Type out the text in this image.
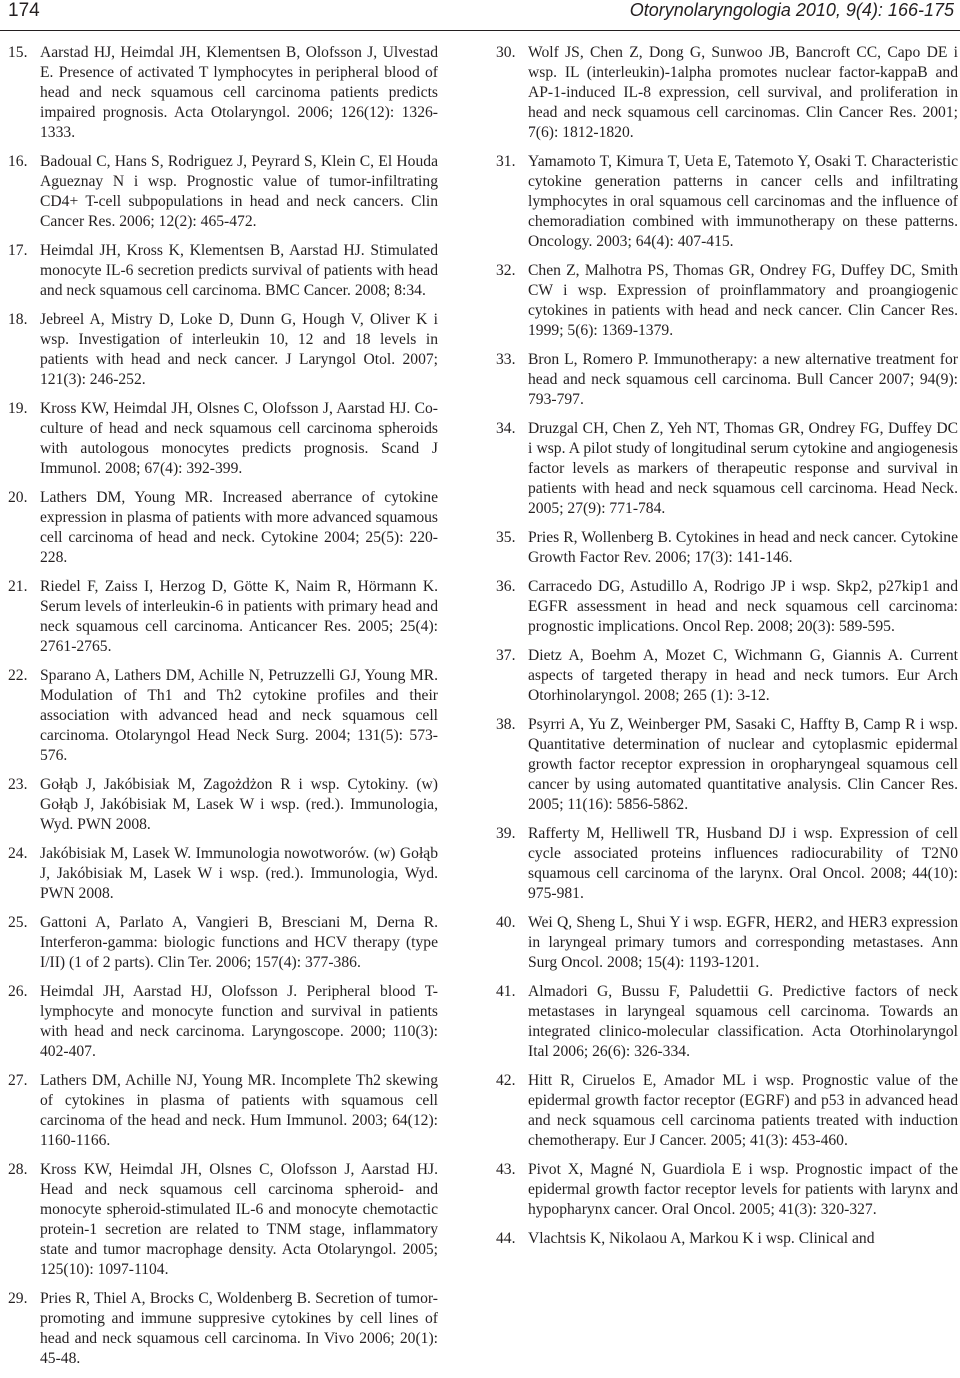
174	Otorynolaryngologia 2010, 9(4): 166-175
15. Aarstad HJ, Heimdal JH, Klementsen B, Olofsson J, Ulvestad E. Presence of activated T lymphocytes in peripheral blood of head and neck squamous cell carcinoma patients predicts impaired prognosis. Acta Otolaryngol. 2006; 126(12): 1326-1333.
16. Badoual C, Hans S, Rodriguez J, Peyrard S, Klein C, El Houda Agueznay N i wsp. Prognostic value of tumor-infiltrating CD4+ T-cell subpopulations in head and neck cancers. Clin Cancer Res. 2006; 12(2): 465-472.
17. Heimdal JH, Kross K, Klementsen B, Aarstad HJ. Stimulated monocyte IL-6 secretion predicts survival of patients with head and neck squamous cell carcinoma. BMC Cancer. 2008; 8:34.
18. Jebreel A, Mistry D, Loke D, Dunn G, Hough V, Oliver K i wsp. Investigation of interleukin 10, 12 and 18 levels in patients with head and neck cancer. J Laryngol Otol. 2007; 121(3): 246-252.
19. Kross KW, Heimdal JH, Olsnes C, Olofsson J, Aarstad HJ. Co-culture of head and neck squamous cell carcinoma spheroids with autologous monocytes predicts prognosis. Scand J Immunol. 2008; 67(4): 392-399.
20. Lathers DM, Young MR. Increased aberrance of cytokine expression in plasma of patients with more advanced squamous cell carcinoma of head and neck. Cytokine 2004; 25(5): 220-228.
21. Riedel F, Zaiss I, Herzog D, Götte K, Naim R, Hörmann K. Serum levels of interleukin-6 in patients with primary head and neck squamous cell carcinoma. Anticancer Res. 2005; 25(4): 2761-2765.
22. Sparano A, Lathers DM, Achille N, Petruzzelli GJ, Young MR. Modulation of Th1 and Th2 cytokine profiles and their association with advanced head and neck squamous cell carcinoma. Otolaryngol Head Neck Surg. 2004; 131(5): 573-576.
23. Gołąb J, Jakóbisiak M, Zagożdżon R i wsp. Cytokiny. (w) Gołąb J, Jakóbisiak M, Lasek W i wsp. (red.). Immunologia, Wyd. PWN 2008.
24. Jakóbisiak M, Lasek W. Immunologia nowotworów. (w) Gołąb J, Jakóbisiak M, Lasek W i wsp. (red.). Immunologia, Wyd. PWN 2008.
25. Gattoni A, Parlato A, Vangieri B, Bresciani M, Derna R. Interferon-gamma: biologic functions and HCV therapy (type I/II) (1 of 2 parts). Clin Ter. 2006; 157(4): 377-386.
26. Heimdal JH, Aarstad HJ, Olofsson J. Peripheral blood T-lymphocyte and monocyte function and survival in patients with head and neck carcinoma. Laryngoscope. 2000; 110(3): 402-407.
27. Lathers DM, Achille NJ, Young MR. Incomplete Th2 skewing of cytokines in plasma of patients with squamous cell carcinoma of the head and neck. Hum Immunol. 2003; 64(12): 1160-1166.
28. Kross KW, Heimdal JH, Olsnes C, Olofsson J, Aarstad HJ. Head and neck squamous cell carcinoma spheroid- and monocyte spheroid-stimulated IL-6 and monocyte chemotactic protein-1 secretion are related to TNM stage, inflammatory state and tumor macrophage density. Acta Otolaryngol. 2005; 125(10): 1097-1104.
29. Pries R, Thiel A, Brocks C, Woldenberg B. Secretion of tumor-promoting and immune suppresive cytokines by cell lines of head and neck squamous cell carcinoma. In Vivo 2006; 20(1): 45-48.
30. Wolf JS, Chen Z, Dong G, Sunwoo JB, Bancroft CC, Capo DE i wsp. IL (interleukin)-1alpha promotes nuclear factor-kappaB and AP-1-induced IL-8 expression, cell survival, and proliferation in head and neck squamous cell carcinomas. Clin Cancer Res. 2001; 7(6): 1812-1820.
31. Yamamoto T, Kimura T, Ueta E, Tatemoto Y, Osaki T. Characteristic cytokine generation patterns in cancer cells and infiltrating lymphocytes in oral squamous cell carcinomas and the influence of chemoradiation combined with immunotherapy on these patterns. Oncology. 2003; 64(4): 407-415.
32. Chen Z, Malhotra PS, Thomas GR, Ondrey FG, Duffey DC, Smith CW i wsp. Expression of proinflammatory and proangiogenic cytokines in patients with head and neck cancer. Clin Cancer Res. 1999; 5(6): 1369-1379.
33. Bron L, Romero P. Immunotherapy: a new alternative treatment for head and neck squamous cell carcinoma. Bull Cancer 2007; 94(9): 793-797.
34. Druzgal CH, Chen Z, Yeh NT, Thomas GR, Ondrey FG, Duffey DC i wsp. A pilot study of longitudinal serum cytokine and angiogenesis factor levels as markers of therapeutic response and survival in patients with head and neck squamous cell carcinoma. Head Neck. 2005; 27(9): 771-784.
35. Pries R, Wollenberg B. Cytokines in head and neck cancer. Cytokine Growth Factor Rev. 2006; 17(3): 141-146.
36. Carracedo DG, Astudillo A, Rodrigo JP i wsp. Skp2, p27kip1 and EGFR assessment in head and neck squamous cell carcinoma: prognostic implications. Oncol Rep. 2008; 20(3): 589-595.
37. Dietz A, Boehm A, Mozet C, Wichmann G, Giannis A. Current aspects of targeted therapy in head and neck tumors. Eur Arch Otorhinolaryngol. 2008; 265 (1): 3-12.
38. Psyrri A, Yu Z, Weinberger PM, Sasaki C, Haffty B, Camp R i wsp. Quantitative determination of nuclear and cytoplasmic epidermal growth factor receptor expression in oropharyngeal squamous cell cancer by using automated quantitative analysis. Clin Cancer Res. 2005; 11(16): 5856-5862.
39. Rafferty M, Helliwell TR, Husband DJ i wsp. Expression of cell cycle associated proteins influences radiocurability of T2N0 squamous cell carcinoma of the larynx. Oral Oncol. 2008; 44(10): 975-981.
40. Wei Q, Sheng L, Shui Y i wsp. EGFR, HER2, and HER3 expression in laryngeal primary tumors and corresponding metastases. Ann Surg Oncol. 2008; 15(4): 1193-1201.
41. Almadori G, Bussu F, Paludettii G. Predictive factors of neck metastases in laryngeal squamous cell carcinoma. Towards an integrated clinico-molecular classification. Acta Otorhinolaryngol Ital 2006; 26(6): 326-334.
42. Hitt R, Ciruelos E, Amador ML i wsp. Prognostic value of the epidermal growth factor receptor (EGRF) and p53 in advanced head and neck squamous cell carcinoma patients treated with induction chemotherapy. Eur J Cancer. 2005; 41(3): 453-460.
43. Pivot X, Magné N, Guardiola E i wsp. Prognostic impact of the epidermal growth factor receptor levels for patients with larynx and hypopharynx cancer. Oral Oncol. 2005; 41(3): 320-327.
44. Vlachtsis K, Nikolaou A, Markou K i wsp. Clinical and
